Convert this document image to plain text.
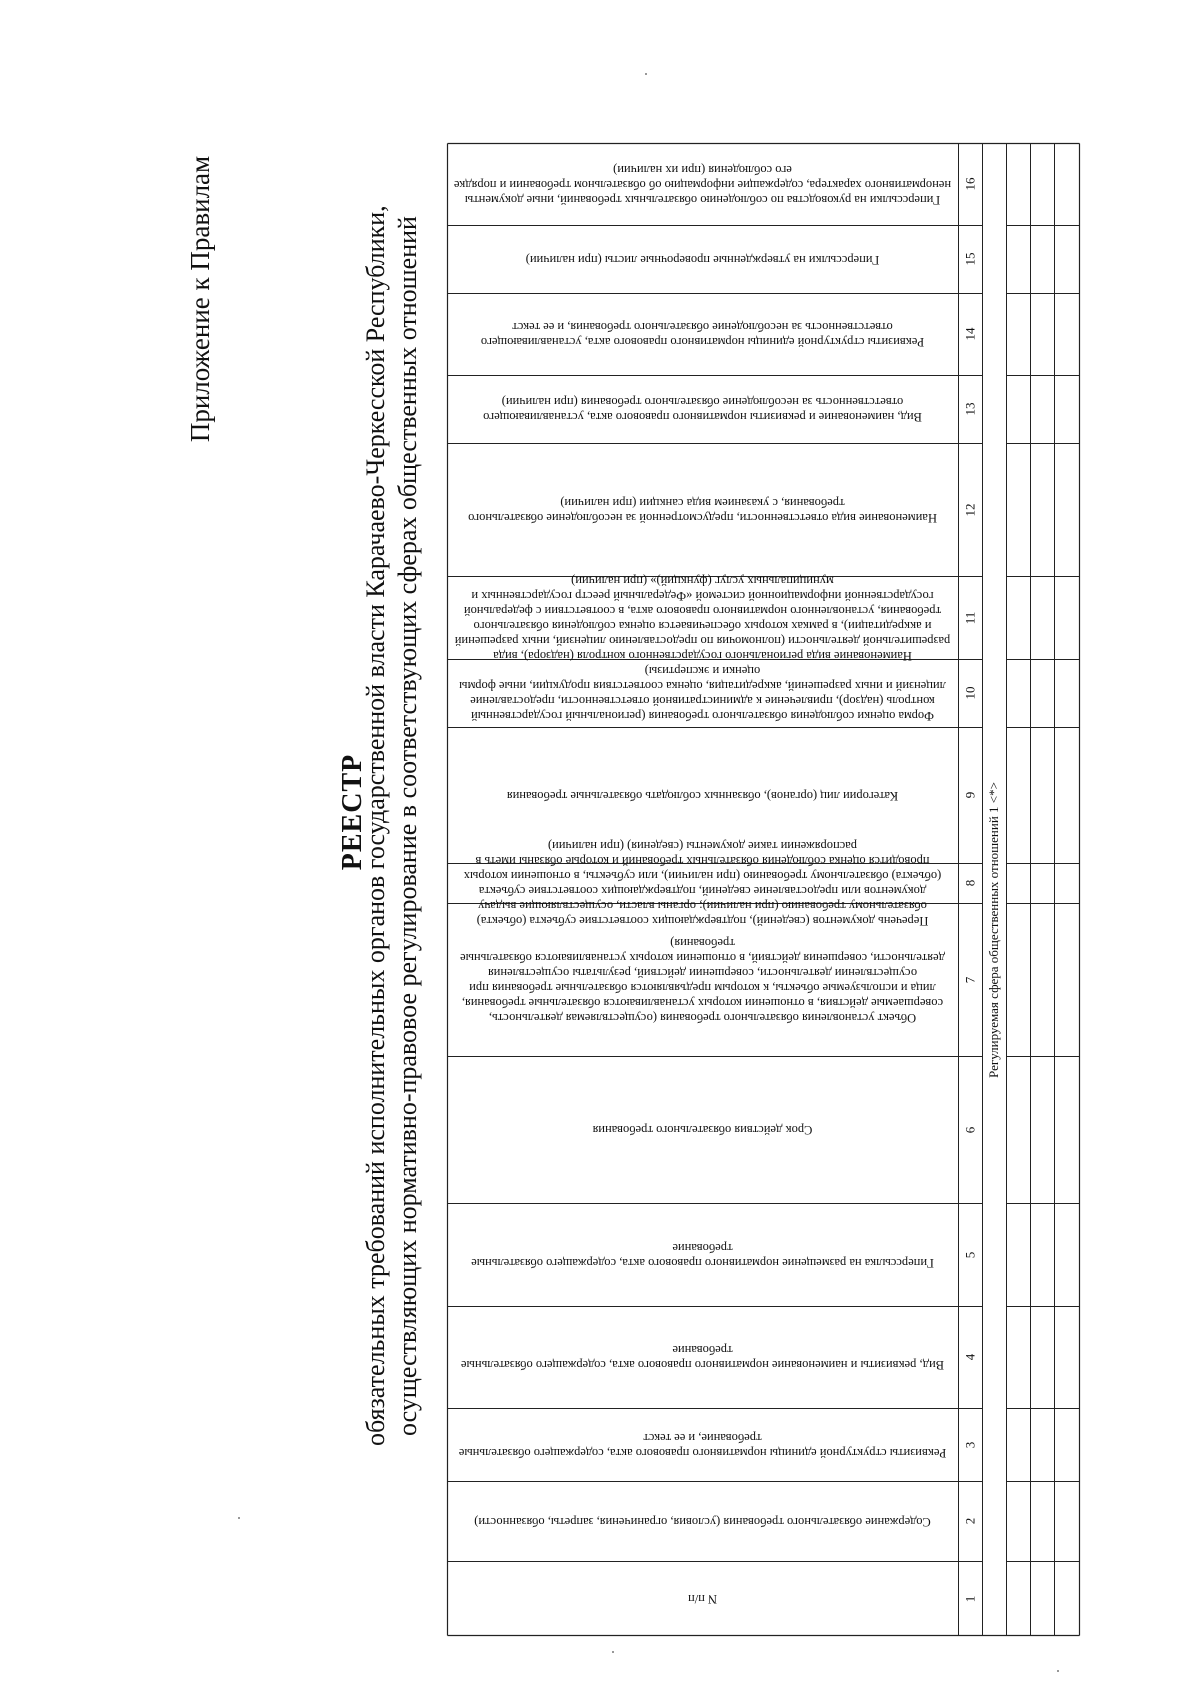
Приложение к Правилам
РЕЕСТР
обязательных требований исполнительных органов государственной власти Карачаево-Черкесской Республики, осуществляющих нормативно-правовое регулирование в соответствующих сферах общественных отношений
Гиперссылки на руководства по соблюдению обязательных требований, иные документы ненормативного характера, содержащие информацию об обязательном требовании и порядке его соблюдения (при их наличии)
16
Гиперссылки на утвержденные проверочные листы (при наличии)	15
Реквизиты структурной единицы нормативного правового акта, устанавливающего ответственность за несоблюдение обязательного требования, и ее текст	14
Вид, наименование и реквизиты нормативного правового акта, устанавливающего ответственность за несоблюдение обязательного требования (при наличии)	13
Наименование вида ответственности, предусмотренной за несоблюдение обязательного требования, с указанием вида санкции (при наличии)	12
Наименование вида регионального государственного контроля (надзора), вида разрешительной деятельности (полномочия по предоставлению лицензий, иных разрешений и аккредитации), в рамках которых обеспечивается оценка соблюдения обязательного требования, установленного нормативного правового акта, в соответствии с федеральной государственной информационной системой «Федеральный реестр государственных и муниципальных услуг (функций)» (при наличии)
11
Форма оценки соблюдения обязательного требования (региональный государственный контроль (надзор), привлечение к административной ответственности, предоставление лицензий и иных разрешений, аккредитация, оценка соответствия продукции, иные формы оценки и экспертизы)
10
Категории лиц (органов), обязанных соблюдать обязательные требования	9
Перечень документов (сведений), подтверждающих соответствие субъекта (объекта) обязательному требованию (при наличии); органы власти, осуществляющие выдачу документов или предоставление сведений, подтверждающих соответствие субъекта (объекта) обязательному требованию (при наличии), или субъекты, в отношении которых проводится оценка соблюдения обязательных требований и которые обязаны иметь в распоряжении такие документы (сведения) (при наличии)
8
Объект установления обязательного требования (осуществляемая деятельность, совершаемые действия, в отношении которых устанавливаются обязательные требования, лица и используемые объекты, к которым предъявляются обязательные требования при осуществлении деятельности, совершении действий, результаты осуществления деятельности, совершения действий, в отношении которых устанавливаются обязательные требования)
7
Срок действия обязательного требования	6
Гиперссылка на размещение нормативного правового акта, содержащего обязательные требование	5
Вид, реквизиты и наименование нормативного правового акта, содержащего обязательные требование	4
Реквизиты структурной единицы нормативного правового акта, содержащего обязательные требование, и ее текст	3
Содержание обязательного требования (условия, ограничения, запреты, обязанности)	2
N п/п	1
Регулируемая сфера общественных отношений 1 <*>
